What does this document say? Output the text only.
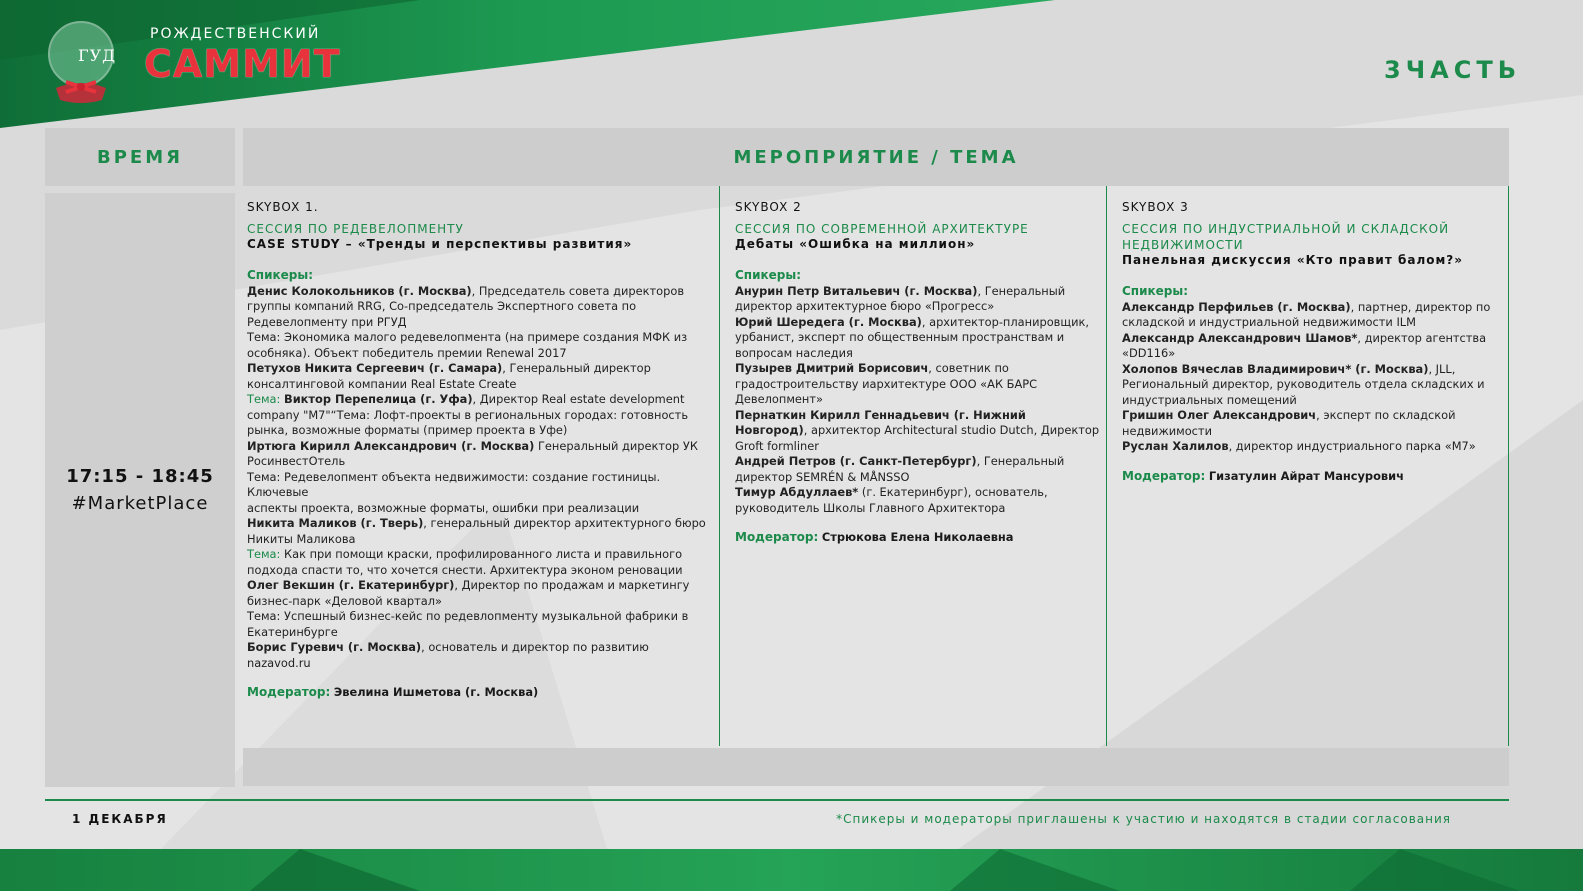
ГУД
РОЖДЕСТВЕНСКИЙ
САММИТ	3ЧАСТЬ
ВРЕМЯ	МЕРОПРИЯТИЕ / ТЕМА
17:15 - 18:45
#MarketPlace
SKYBOX 1.
СЕССИЯ ПО РЕДЕВЕЛОПМЕНТУ
CASE STUDY – «Тренды и перспективы развития»
Спикеры:
Денис Колокольников (г. Москва), Председатель совета директоров группы компаний RRG, Со-председатель Экспертного совета по Редевелопменту при РГУД
Тема: Экономика малого редевелопмента (на примере создания МФК из особняка). Объект победитель премии Renewal 2017
Петухов Никита Сергеевич (г. Самара), Генеральный директор консалтинговой компании Real Estate Create
Тема: Виктор Перепелица (г. Уфа), Директор Real estate development company "М7"“Тема: Лофт-проекты в региональных городах: готовность рынка, возможные форматы (пример проекта в Уфе)
Иртюга Кирилл Александрович (г. Москва) Генеральный директор УК РосинвестОтель
Тема: Редевелопмент объекта недвижимости: создание гостиницы. Ключевые
аспекты проекта, возможные форматы, ошибки при реализации
Никита Маликов (г. Тверь), генеральный директор архитектурного бюро Никиты Маликова
Тема: Как при помощи краски, профилированного листа и правильного подхода спасти то, что хочется снести. Архитектура эконом реновации
Олег Векшин (г. Екатеринбург), Директор по продажам и маркетингу бизнес-парк «Деловой квартал»
Тема: Успешный бизнес-кейс по редевлопменту музыкальной фабрики в Екатеринбурге
Борис Гуревич (г. Москва), основатель и директор по развитию nazavod.ru
Модератор: Эвелина Ишметова (г. Москва)
SKYBOX 2
СЕССИЯ ПО СОВРЕМЕННОЙ АРХИТЕКТУРЕ
Дебаты «Ошибка на миллион»
Спикеры:
Анурин Петр Витальевич (г. Москва), Генеральный директор архитектурное бюро «Прогресс»
Юрий Шередега (г. Москва), архитектор-планировщик, урбанист, эксперт по общественным пространствам и вопросам наследия
Пузырев Дмитрий Борисович, советник по градостроительству иархитектуре ООО «АК БАРС Девелопмент»
Пернаткин Кирилл Геннадьевич (г. Нижний Новгород), архитектор Architectural studio Dutch, Директор Groft formliner
Андрей Петров (г. Санкт-Петербург), Генеральный директор SEMRÉN & MÅNSSO
Тимур Абдуллаев* (г. Екатеринбург), основатель, руководитель Школы Главного Архитектора
Модератор: Стрюкова Елена Николаевна
SKYBOX 3
СЕССИЯ ПО ИНДУСТРИАЛЬНОЙ И СКЛАДСКОЙ НЕДВИЖИМОСТИ
Панельная дискуссия «Кто правит балом?»
Спикеры:
Александр Перфильев (г. Москва), партнер, директор по складской и индустриальной недвижимости ILM
Александр Александрович Шамов*, директор агентства «DD116»
Холопов Вячеслав Владимирович* (г. Москва), JLL, Региональный директор, руководитель отдела складских и индустриальных помещений
Гришин Олег Александрович, эксперт по складской недвижимости
Руслан Халилов, директор индустриального парка «М7»
Модератор: Гизатулин Айрат Мансурович
1 ДЕКАБРЯ	*Спикеры и модераторы приглашены к участию и находятся в стадии согласования
